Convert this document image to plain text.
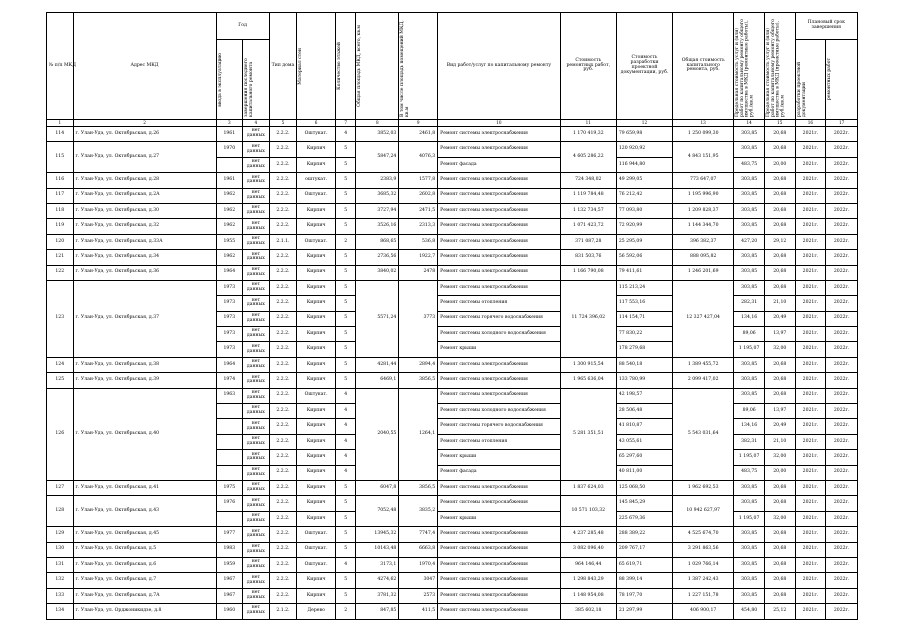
№ п/п МКД	Адрес МКД	Год		Тип дома	Материал стен	Количество этажей	Общая площадь МКД, всего, кв.м	В том числе площадь помещений МКД, кв.м	Вид работ/услуг по капитальному ремонту	Стоимость ремонтных работ, руб.	Стоимость разработки проектной документации, руб.	Общая стоимость капитального ремонта, руб.	Предельная стоимость услуг и (или) работ по капитальному ремонту общего имущества в МКД (ремонтные работы), руб./кв.м	Предельная стоимость услуг и (или) работ по капитальному ремонту общего имущества в МКД (проектные работы), руб./кв.м	Плановый срок завершения	

		ввода в эксплуатацию	завершения последнего капитального ремонта												разработки проектной документации	ремонтных работ

1	2	3	4	5	6	7	8	9	10	11	12	13	14	15	16	17
114	г. Улан-Удэ, ул. Октябрьская, д.26	1961	нет данных	2.2.2.	Оштукат.	4	3852,03	2461,8	Ремонт системы электроснабжения	1 170 419,32	79 659,98	1 250 099,30	303,85	20,68	2021г.	2022г.
115	г. Улан-Удэ, ул. Октябрьская, д.27	1970	нет данных	2.2.2.	Кирпич	5	5847,24	4076,3	Ремонт системы электроснабжения	4 605 286,22	120 920,92	4 843 151,95	303,85	20,68	2021г.	2022г.
			нет данных	2.2.2.	Кирпич	5			Ремонт фасада		116 944,80		483,75	20,00	2021г.	2022г.
116	г. Улан-Удэ, ул. Октябрьская, д.28	1961	нет данных	2.2.2.	оштукат.	5	2383,9	1577,8	Ремонт системы электроснабжения	724 348,02	49 299,05	773 647,07	303,85	20,68	2021г.	2022г.
117	г. Улан-Удэ, ул. Октябрьская, д.2А	1962	нет данных	2.2.2.	Оштукат.	5	3685,32	2602,8	Ремонт системы электроснабжения	1 119 784,48	76 212,42	1 195 996,90	303,85	20,68	2021г.	2022г.
118	г. Улан-Удэ, ул. Октябрьская, д.30	1962	нет данных	2.2.2.	Кирпич	5	3727,94	2471,5	Ремонт системы электроснабжения	1 132 734,57	77 093,80	1 209 828,37	303,85	20,68	2021г.	2022г.
119	г. Улан-Удэ, ул. Октябрьская, д.32	1962	нет данных	2.2.2.	Кирпич	5	3526,16	2313,3	Ремонт системы электроснабжения	1 071 423,72	72 920,99	1 144 344,70	303,85	20,68	2021г.	2022г.
120	г. Улан-Удэ, ул. Октябрьская, д.33А	1955	нет данных	2.1.1.	Оштукат.	2	868,65	536,8	Ремонт системы электроснабжения	371 087,28	25 295,09	396 382,37	427,20	29,12	2021г.	2022г.
121	г. Улан-Удэ, ул. Октябрьская, д.34	1962	нет данных	2.2.2.	Кирпич	5	2736,56	1922,7	Ремонт системы электроснабжения	831 503,76	56 592,06	888 095,82	303,85	20,68	2021г.	2022г.
122	г. Улан-Удэ, ул. Октябрьская, д.36	1964	нет данных	2.2.2.	Кирпич	5	3840,02	2478	Ремонт системы электроснабжения	1 166 790,08	79 411,61	1 246 201,69	303,85	20,68	2021г.	2022г.
123	г. Улан-Удэ, ул. Октябрьская, д.37	1973	нет данных	2.2.2.	Кирпич	5	5571,24	3773	Ремонт системы электроснабжения	11 724 396,02	115 213,24	12 327 427,04	303,85	20,68	2021г.	2022г.
		1973	нет данных	2.2.2.	Кирпич	5			Ремонт системы отопления		117 553,16		282,31	21,10	2021г.	2022г.
		1973	нет данных	2.2.2.	Кирпич	5			Ремонт системы горячего водоснабжения		114 154,71		134,16	20,49	2021г.	2022г.
		1973	нет данных	2.2.2.	Кирпич	5			Ремонт системы холодного водоснабжения		77 830,22		89,06	13,97	2021г.	2022г.
		1973	нет данных	2.2.2.	Кирпич	5			Ремонт крыши		178 279,68		1 195,07	32,00	2021г.	2022г.
124	г. Улан-Удэ, ул. Октябрьская, д.38	1964	нет данных	2.2.2.	Кирпич	5	4281,44	2894,4	Ремонт системы электроснабжения	1 300 915,54	88 540,18	1 389 455,72	303,85	20,68	2021г.	2022г.
125	г. Улан-Удэ, ул. Октябрьская, д.39	1974	нет данных	2.2.2.	Кирпич	5	6469,1	3856,5	Ремонт системы электроснабжения	1 965 636,04	133 780,99	2 099 417,02	303,85	20,68	2021г.	2022г.
126	г. Улан-Удэ, ул. Октябрьская, д.40	1963	нет данных	2.2.2.	Оштукат.	4	2040,55	1264,1	Ремонт системы электроснабжения	5 281 351,51	42 198,57	5 543 031,64	303,85	20,68	2021г.	2022г.
			нет данных	2.2.2.	Кирпич	4			Ремонт системы холодного водоснабжения		28 506,48		89,06	13,97	2021г.	2022г.
			нет данных	2.2.2.	Кирпич	4			Ремонт системы горячего водоснабжения		41 810,87		134,16	20,49	2021г.	2022г.
			нет данных	2.2.2.	Кирпич	4			Ремонт системы отопления		43 055,61		382,31	21,10	2021г.	2022г.
			нет данных	2.2.2.	Кирпич	4			Ремонт крыши		65 297,60		1 195,07	32,00	2021г.	2022г.
			нет данных	2.2.2.	Кирпич	4			Ремонт фасада		40 811,00		483,75	20,00	2021г.	2022г.
127	г. Улан-Удэ, ул. Октябрьская, д.41	1975	нет данных	2.2.2.	Кирпич	5	6047,8	3856,5	Ремонт системы электроснабжения	1 837 624,03	125 068,50	1 962 692,53	303,85	20,68	2021г.	2022г.
128	г. Улан-Удэ, ул. Октябрьская, д.43	1976	нет данных	2.2.2.	Кирпич	5	7052,48	3835,2	Ремонт системы электроснабжения	10 571 103,32	145 845,29	10 942 627,97	303,85	20,68	2021г.	2022г.
			нет данных	2.2.2.	Кирпич	5			Ремонт крыши		225 679,36		1 195,07	32,00	2021г.	2022г.
129	г. Улан-Удэ, ул. Октябрьская, д.45	1977	нет данных	2.2.2.	Оштукат.	5	13945,32	7747,4	Ремонт системы электроснабжения	4 237 285,48	288 389,22	4 525 674,70	303,85	20,68	2021г.	2022г.
130	г. Улан-Удэ, ул. Октябрьская, д.5	1983	нет данных	2.2.2.	Оштукат.	5	10143,48	6663,8	Ремонт системы электроснабжения	3 082 096,40	209 767,17	3 291 863,56	303,85	20,68	2021г.	2022г.
131	г. Улан-Удэ, ул. Октябрьская, д.6	1959	нет данных	2.2.2.	Оштукат.	4	3173,1	1970,4	Ремонт системы электроснабжения	964 146,44	65 619,71	1 029 766,14	303,85	20,68	2021г.	2022г.
132	г. Улан-Удэ, ул. Октябрьская, д.7	1967	нет данных	2.2.2.	Кирпич	5	4274,62	3047	Ремонт системы электроснабжения	1 298 843,29	88 399,14	1 387 242,43	303,85	20,68	2021г.	2022г.
133	г. Улан-Удэ, ул. Октябрьская, д.7А	1967	нет данных	2.2.2.	Кирпич	5	3781,32	2573	Ремонт системы электроснабжения	1 148 954,08	78 197,70	1 227 151,78	303,85	20,68	2021г.	2022г.
134	г. Улан-Удэ, ул. Орджоникидзе, д.8	1960	нет данных	2.1.2.	Дерево	2	847,85	411,5	Ремонт системы электроснабжения	385 602,18	21 297,99	406 900,17	454,80	25,12	2021г.	2022г.
